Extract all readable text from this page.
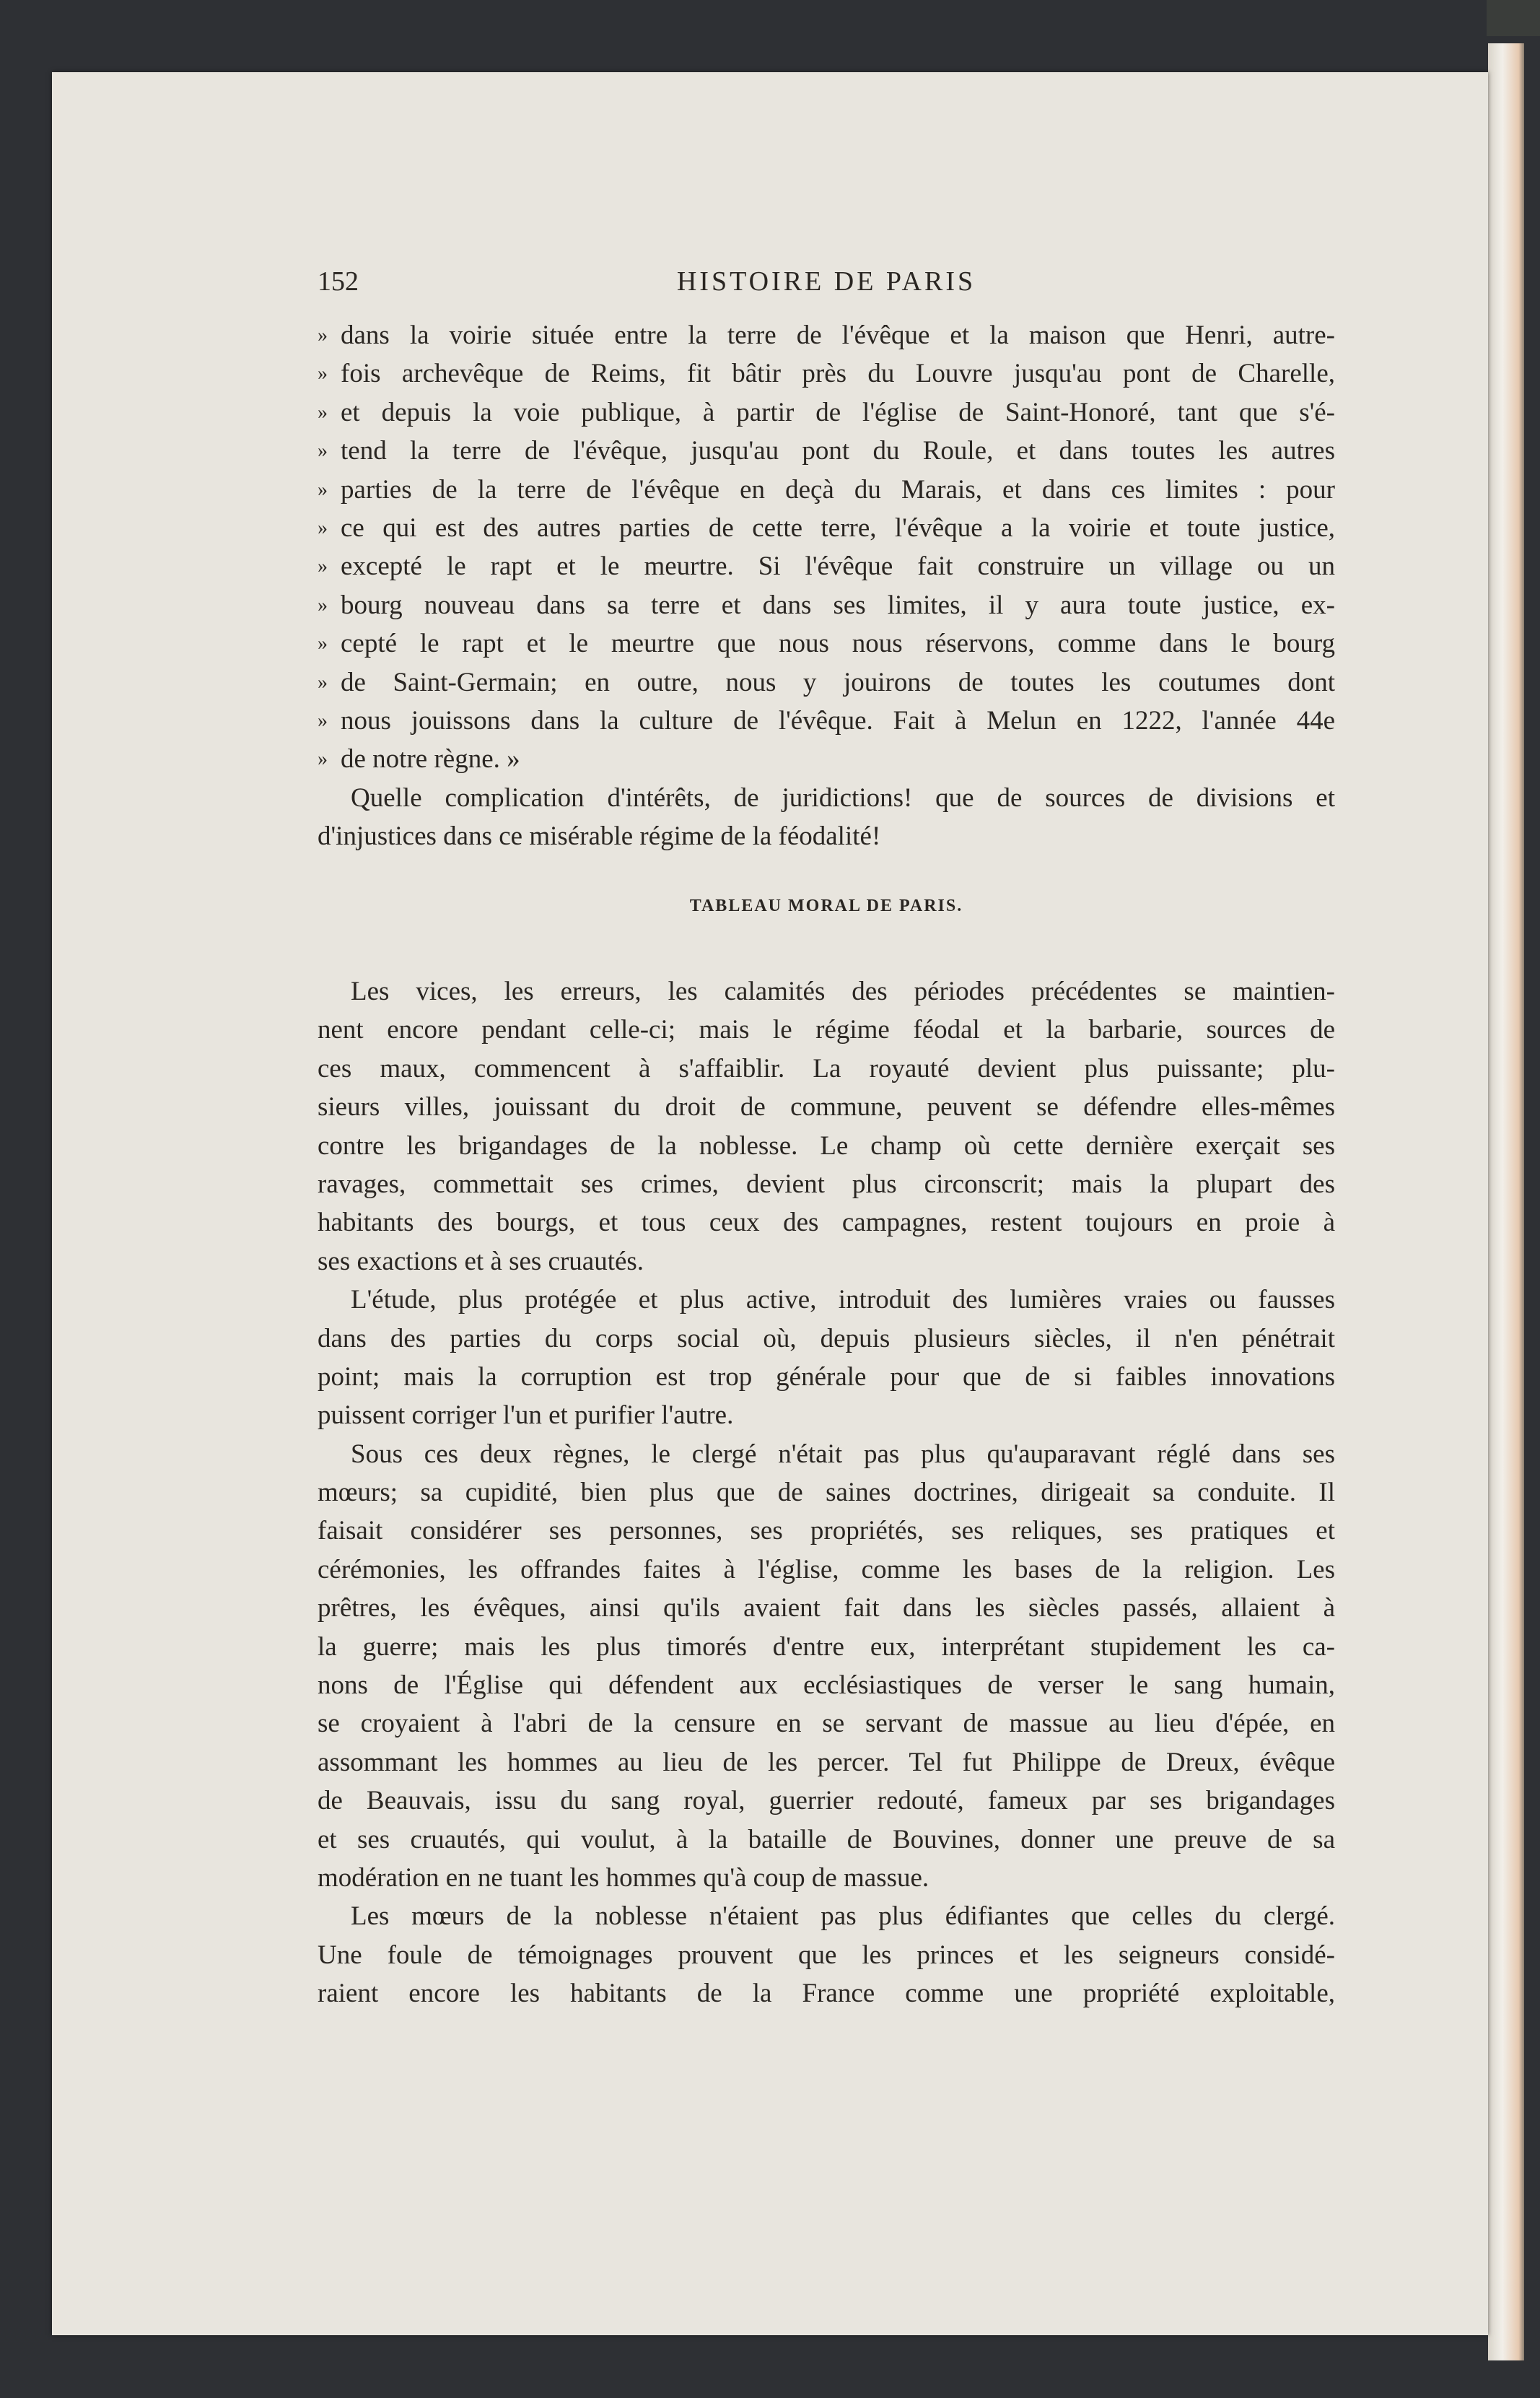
152	HISTOIRE DE PARIS
» dans la voirie située entre la terre de l'évêque et la maison que Henri, autre-
» fois archevêque de Reims, fit bâtir près du Louvre jusqu'au pont de Charelle,
» et depuis la voie publique, à partir de l'église de Saint-Honoré, tant que s'é-
» tend la terre de l'évêque, jusqu'au pont du Roule, et dans toutes les autres
» parties de la terre de l'évêque en deçà du Marais, et dans ces limites : pour
» ce qui est des autres parties de cette terre, l'évêque a la voirie et toute justice,
» excepté le rapt et le meurtre. Si l'évêque fait construire un village ou un
» bourg nouveau dans sa terre et dans ses limites, il y aura toute justice, ex-
» cepté le rapt et le meurtre que nous nous réservons, comme dans le bourg
» de Saint-Germain; en outre, nous y jouirons de toutes les coutumes dont
» nous jouissons dans la culture de l'évêque. Fait à Melun en 1222, l'année 44e
» de notre règne. »
Quelle complication d'intérêts, de juridictions! que de sources de divisions et
d'injustices dans ce misérable régime de la féodalité!
TABLEAU MORAL DE PARIS.
Les vices, les erreurs, les calamités des périodes précédentes se maintien-
nent encore pendant celle-ci; mais le régime féodal et la barbarie, sources de
ces maux, commencent à s'affaiblir. La royauté devient plus puissante; plu-
sieurs villes, jouissant du droit de commune, peuvent se défendre elles-mêmes
contre les brigandages de la noblesse. Le champ où cette dernière exerçait ses
ravages, commettait ses crimes, devient plus circonscrit; mais la plupart des
habitants des bourgs, et tous ceux des campagnes, restent toujours en proie à
ses exactions et à ses cruautés.
L'étude, plus protégée et plus active, introduit des lumières vraies ou fausses
dans des parties du corps social où, depuis plusieurs siècles, il n'en pénétrait
point; mais la corruption est trop générale pour que de si faibles innovations
puissent corriger l'un et purifier l'autre.
Sous ces deux règnes, le clergé n'était pas plus qu'auparavant réglé dans ses
mœurs; sa cupidité, bien plus que de saines doctrines, dirigeait sa conduite. Il
faisait considérer ses personnes, ses propriétés, ses reliques, ses pratiques et
cérémonies, les offrandes faites à l'église, comme les bases de la religion. Les
prêtres, les évêques, ainsi qu'ils avaient fait dans les siècles passés, allaient à
la guerre; mais les plus timorés d'entre eux, interprétant stupidement les ca-
nons de l'Église qui défendent aux ecclésiastiques de verser le sang humain,
se croyaient à l'abri de la censure en se servant de massue au lieu d'épée, en
assommant les hommes au lieu de les percer. Tel fut Philippe de Dreux, évêque
de Beauvais, issu du sang royal, guerrier redouté, fameux par ses brigandages
et ses cruautés, qui voulut, à la bataille de Bouvines, donner une preuve de sa
modération en ne tuant les hommes qu'à coup de massue.
Les mœurs de la noblesse n'étaient pas plus édifiantes que celles du clergé.
Une foule de témoignages prouvent que les princes et les seigneurs considé-
raient encore les habitants de la France comme une propriété exploitable,
